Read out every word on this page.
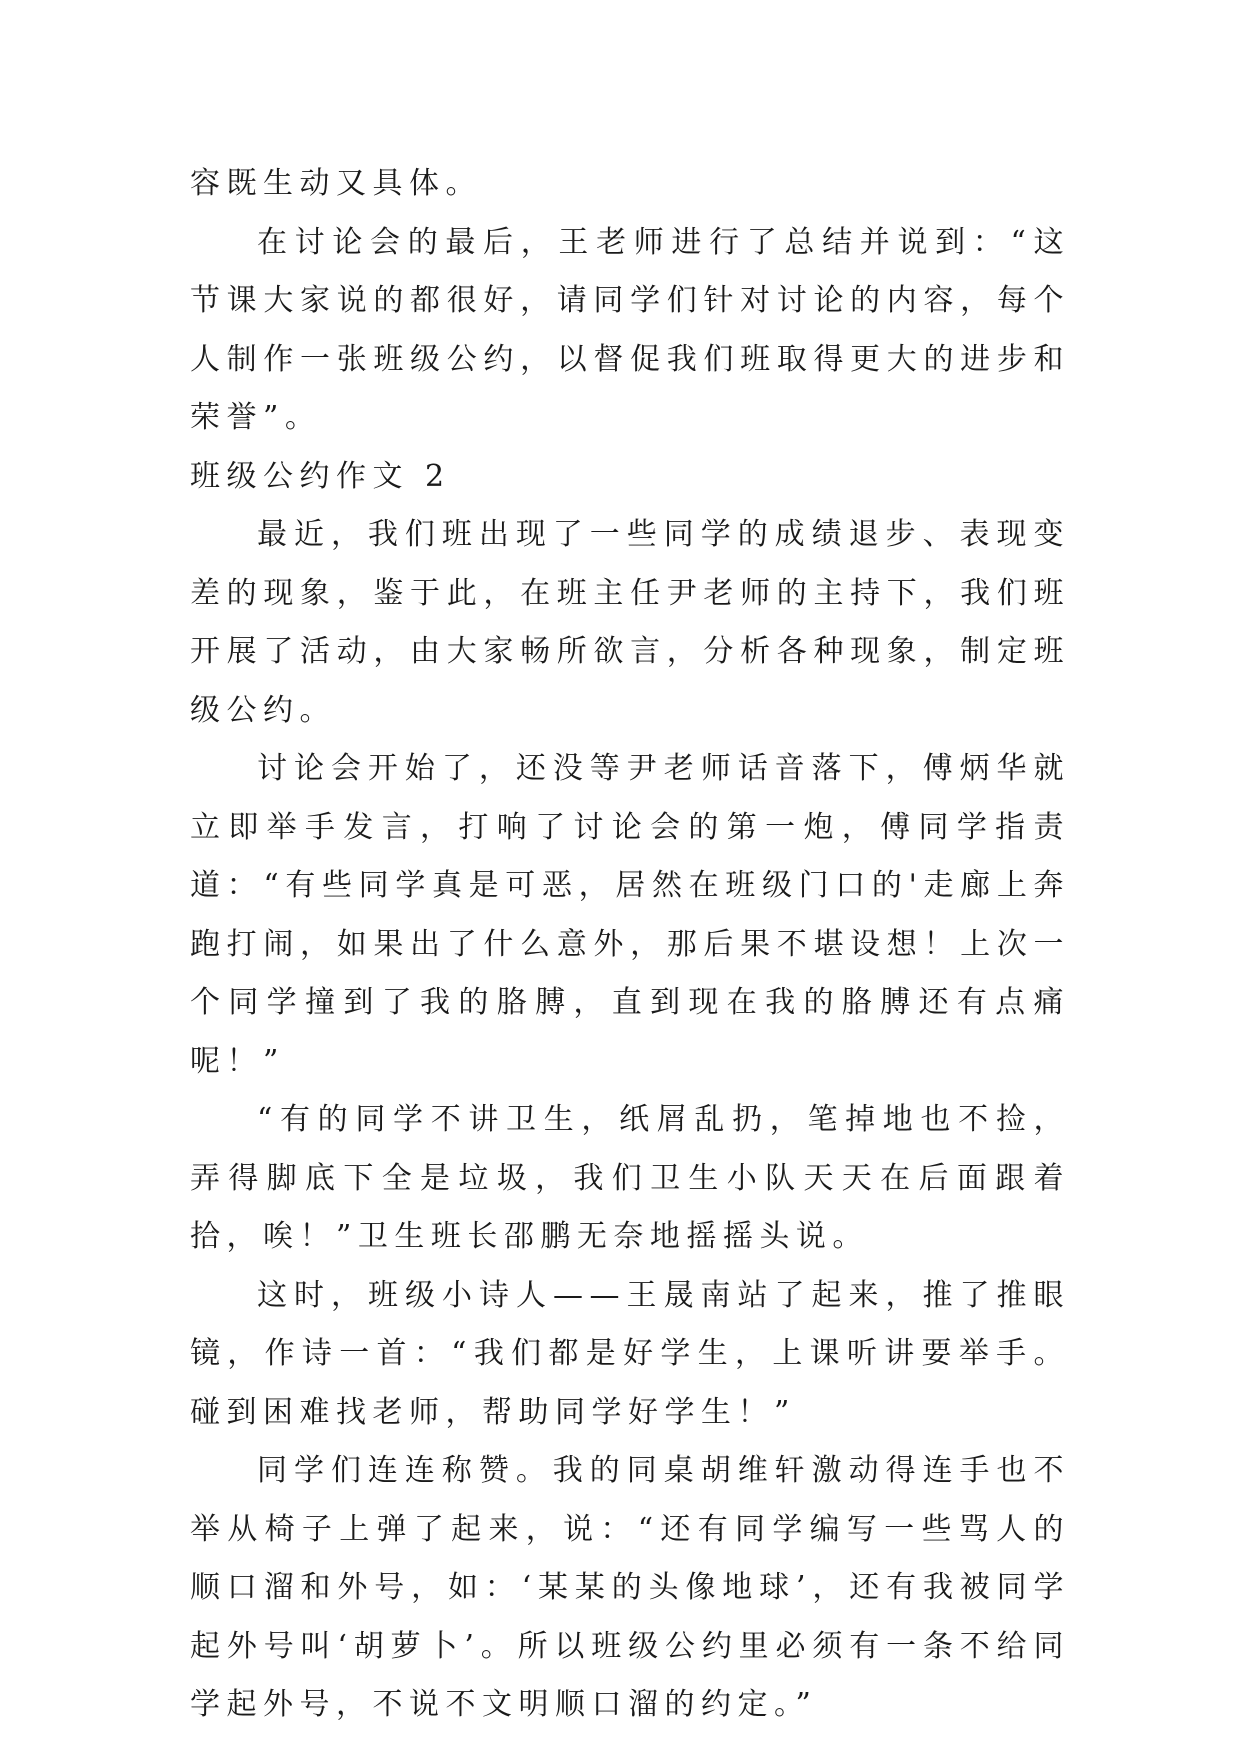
容既生动又具体。

在讨论会的最后，王老师进行了总结并说到：“这节课大家说的都很好，请同学们针对讨论的内容，每个人制作一张班级公约，以督促我们班取得更大的进步和荣誉”。

班级公约作文 2

最近，我们班出现了一些同学的成绩退步、表现变差的现象，鉴于此，在班主任尹老师的主持下，我们班开展了活动，由大家畅所欲言，分析各种现象，制定班级公约。

讨论会开始了，还没等尹老师话音落下，傅炳华就立即举手发言，打响了讨论会的第一炮，傅同学指责道：“有些同学真是可恶，居然在班级门口的'走廊上奔跑打闹，如果出了什么意外，那后果不堪设想！上次一个同学撞到了我的胳膊，直到现在我的胳膊还有点痛呢！”

“有的同学不讲卫生，纸屑乱扔，笔掉地也不捡，弄得脚底下全是垃圾，我们卫生小队天天在后面跟着拾，唉！”卫生班长邵鹏无奈地摇摇头说。

这时，班级小诗人——王晟南站了起来，推了推眼镜，作诗一首：“我们都是好学生，上课听讲要举手。碰到困难找老师，帮助同学好学生！”

同学们连连称赞。我的同桌胡维轩激动得连手也不举从椅子上弹了起来，说：“还有同学编写一些骂人的顺口溜和外号，如：‘某某的头像地球’，还有我被同学起外号叫‘胡萝卜’。所以班级公约里必须有一条不给同学起外号，不说不文明顺口溜的约定。”
